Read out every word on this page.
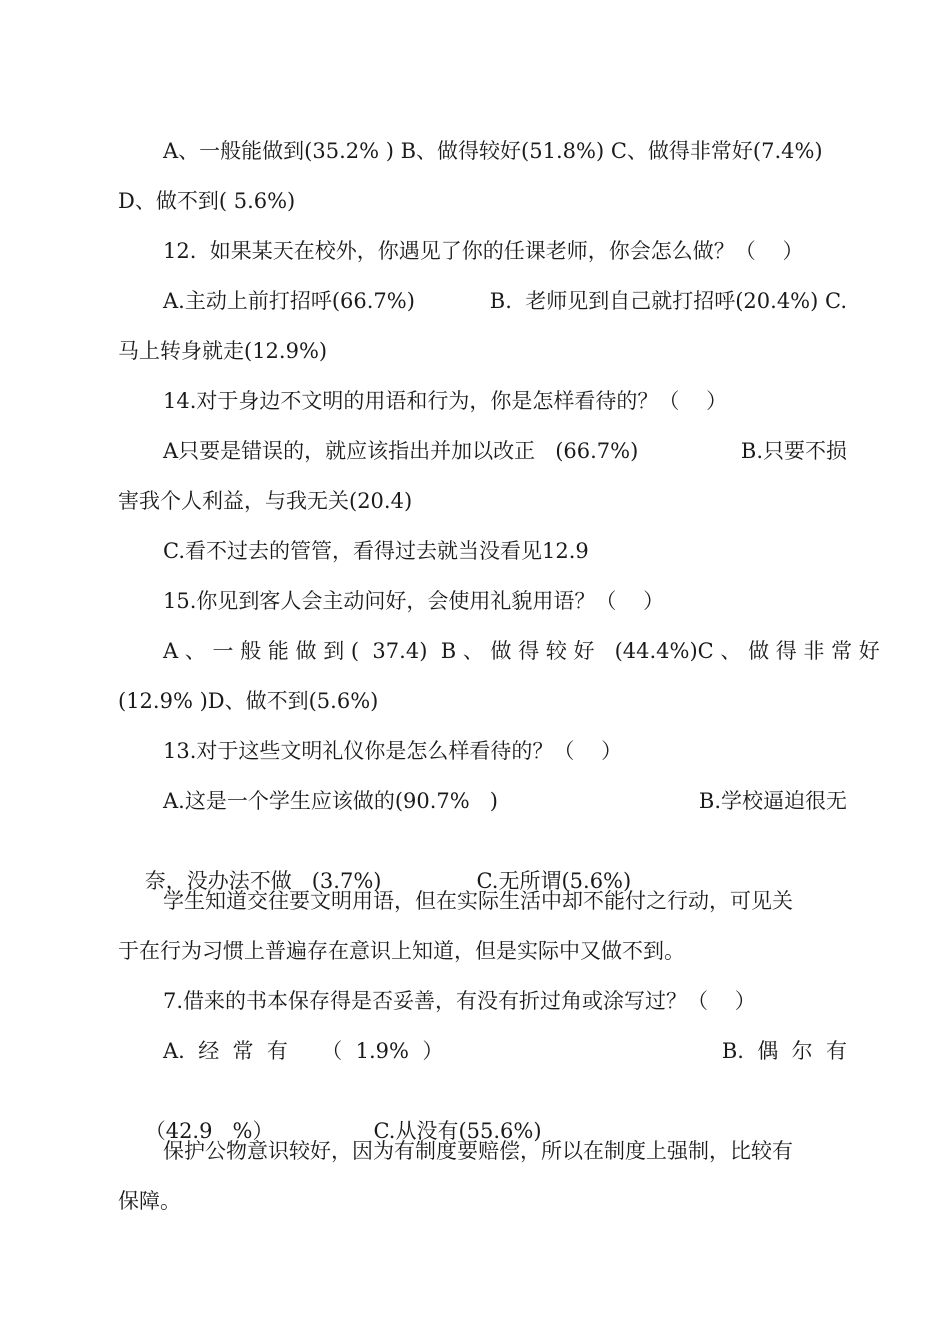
A、一般能做到(35.2% ) B、做得较好(51.8%) C、做得非常好(7.4%)

D、做不到( 5.6%)

12.  如果某天在校外，你遇见了你的任课老师，你会怎么做？（    ）

A.主动上前打招呼(66.7%)	B.  老师见到自己就打招呼(20.4%) C.

马上转身就走(12.9%)

14.对于身边不文明的用语和行为，你是怎样看待的？（    ）

A只要是错误的，就应该指出并加以改正   (66.7%)	B.只要不损

害我个人利益，与我无关(20.4)

C.看不过去的管管，看得过去就当没看见12.9

15.你见到客人会主动问好，会使用礼貌用语？（    ）

A 、 一 般 能 做 到 (  37.4)  B 、 做 得 较 好   (44.4%)C 、 做 得 非 常 好

(12.9% )D、做不到(5.6%)

13.对于这些文明礼仪你是怎么样看待的？（    ）

A.这是一个学生应该做的(90.7%   )	B.学校逼迫很无

奈，没办法不做   (3.7%)	C.无所谓(5.6%)

学生知道交往要文明用语，但在实际生活中却不能付之行动，可见关

于在行为习惯上普遍存在意识上知道，但是实际中又做不到。

7.借来的书本保存得是否妥善，有没有折过角或涂写过？（    ）

A.  经  常  有     （  1.9%  ）	B.  偶  尔  有

（42.9   %）	C.从没有(55.6%)

保护公物意识较好，因为有制度要赔偿，所以在制度上强制，比较有

保障。
